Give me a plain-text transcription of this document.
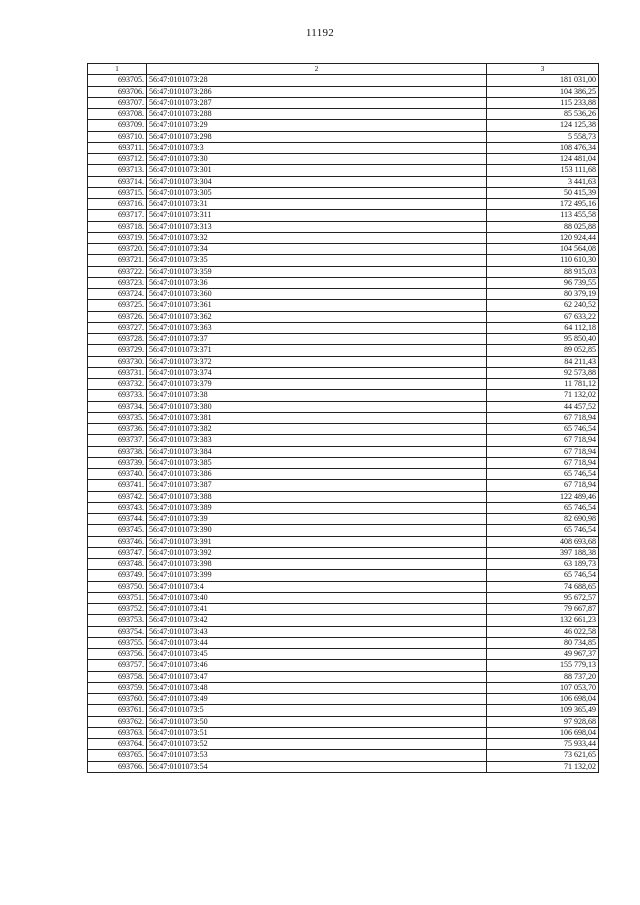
11192
1	2	3
693705.	56:47:0101073:28	181 031,00
693706.	56:47:0101073:286	104 386,25
693707.	56:47:0101073:287	115 233,88
693708.	56:47:0101073:288	85 536,26
693709.	56:47:0101073:29	124 125,38
693710.	56:47:0101073:298	5 558,73
693711.	56:47:0101073:3	108 476,34
693712.	56:47:0101073:30	124 481,04
693713.	56:47:0101073:301	153 111,68
693714.	56:47:0101073:304	3 441,63
693715.	56:47:0101073:305	50 415,39
693716.	56:47:0101073:31	172 495,16
693717.	56:47:0101073:311	113 455,58
693718.	56:47:0101073:313	88 025,88
693719.	56:47:0101073:32	120 924,44
693720.	56:47:0101073:34	104 564,08
693721.	56:47:0101073:35	110 610,30
693722.	56:47:0101073:359	88 915,03
693723.	56:47:0101073:36	96 739,55
693724.	56:47:0101073:360	80 379,19
693725.	56:47:0101073:361	62 240,52
693726.	56:47:0101073:362	67 633,22
693727.	56:47:0101073:363	64 112,18
693728.	56:47:0101073:37	95 850,40
693729.	56:47:0101073:371	89 052,85
693730.	56:47:0101073:372	84 211,43
693731.	56:47:0101073:374	92 573,88
693732.	56:47:0101073:379	11 781,12
693733.	56:47:0101073:38	71 132,02
693734.	56:47:0101073:380	44 457,52
693735.	56:47:0101073:381	67 718,94
693736.	56:47:0101073:382	65 746,54
693737.	56:47:0101073:383	67 718,94
693738.	56:47:0101073:384	67 718,94
693739.	56:47:0101073:385	67 718,94
693740.	56:47:0101073:386	65 746,54
693741.	56:47:0101073:387	67 718,94
693742.	56:47:0101073:388	122 489,46
693743.	56:47:0101073:389	65 746,54
693744.	56:47:0101073:39	82 690,98
693745.	56:47:0101073:390	65 746,54
693746.	56:47:0101073:391	408 693,68
693747.	56:47:0101073:392	397 188,38
693748.	56:47:0101073:398	63 189,73
693749.	56:47:0101073:399	65 746,54
693750.	56:47:0101073:4	74 688,65
693751.	56:47:0101073:40	95 672,57
693752.	56:47:0101073:41	79 667,87
693753.	56:47:0101073:42	132 661,23
693754.	56:47:0101073:43	46 022,58
693755.	56:47:0101073:44	80 734,85
693756.	56:47:0101073:45	49 967,37
693757.	56:47:0101073:46	155 779,13
693758.	56:47:0101073:47	88 737,20
693759.	56:47:0101073:48	107 053,70
693760.	56:47:0101073:49	106 698,04
693761.	56:47:0101073:5	109 365,49
693762.	56:47:0101073:50	97 928,68
693763.	56:47:0101073:51	106 698,04
693764.	56:47:0101073:52	75 933,44
693765.	56:47:0101073:53	73 621,65
693766.	56:47:0101073:54	71 132,02
